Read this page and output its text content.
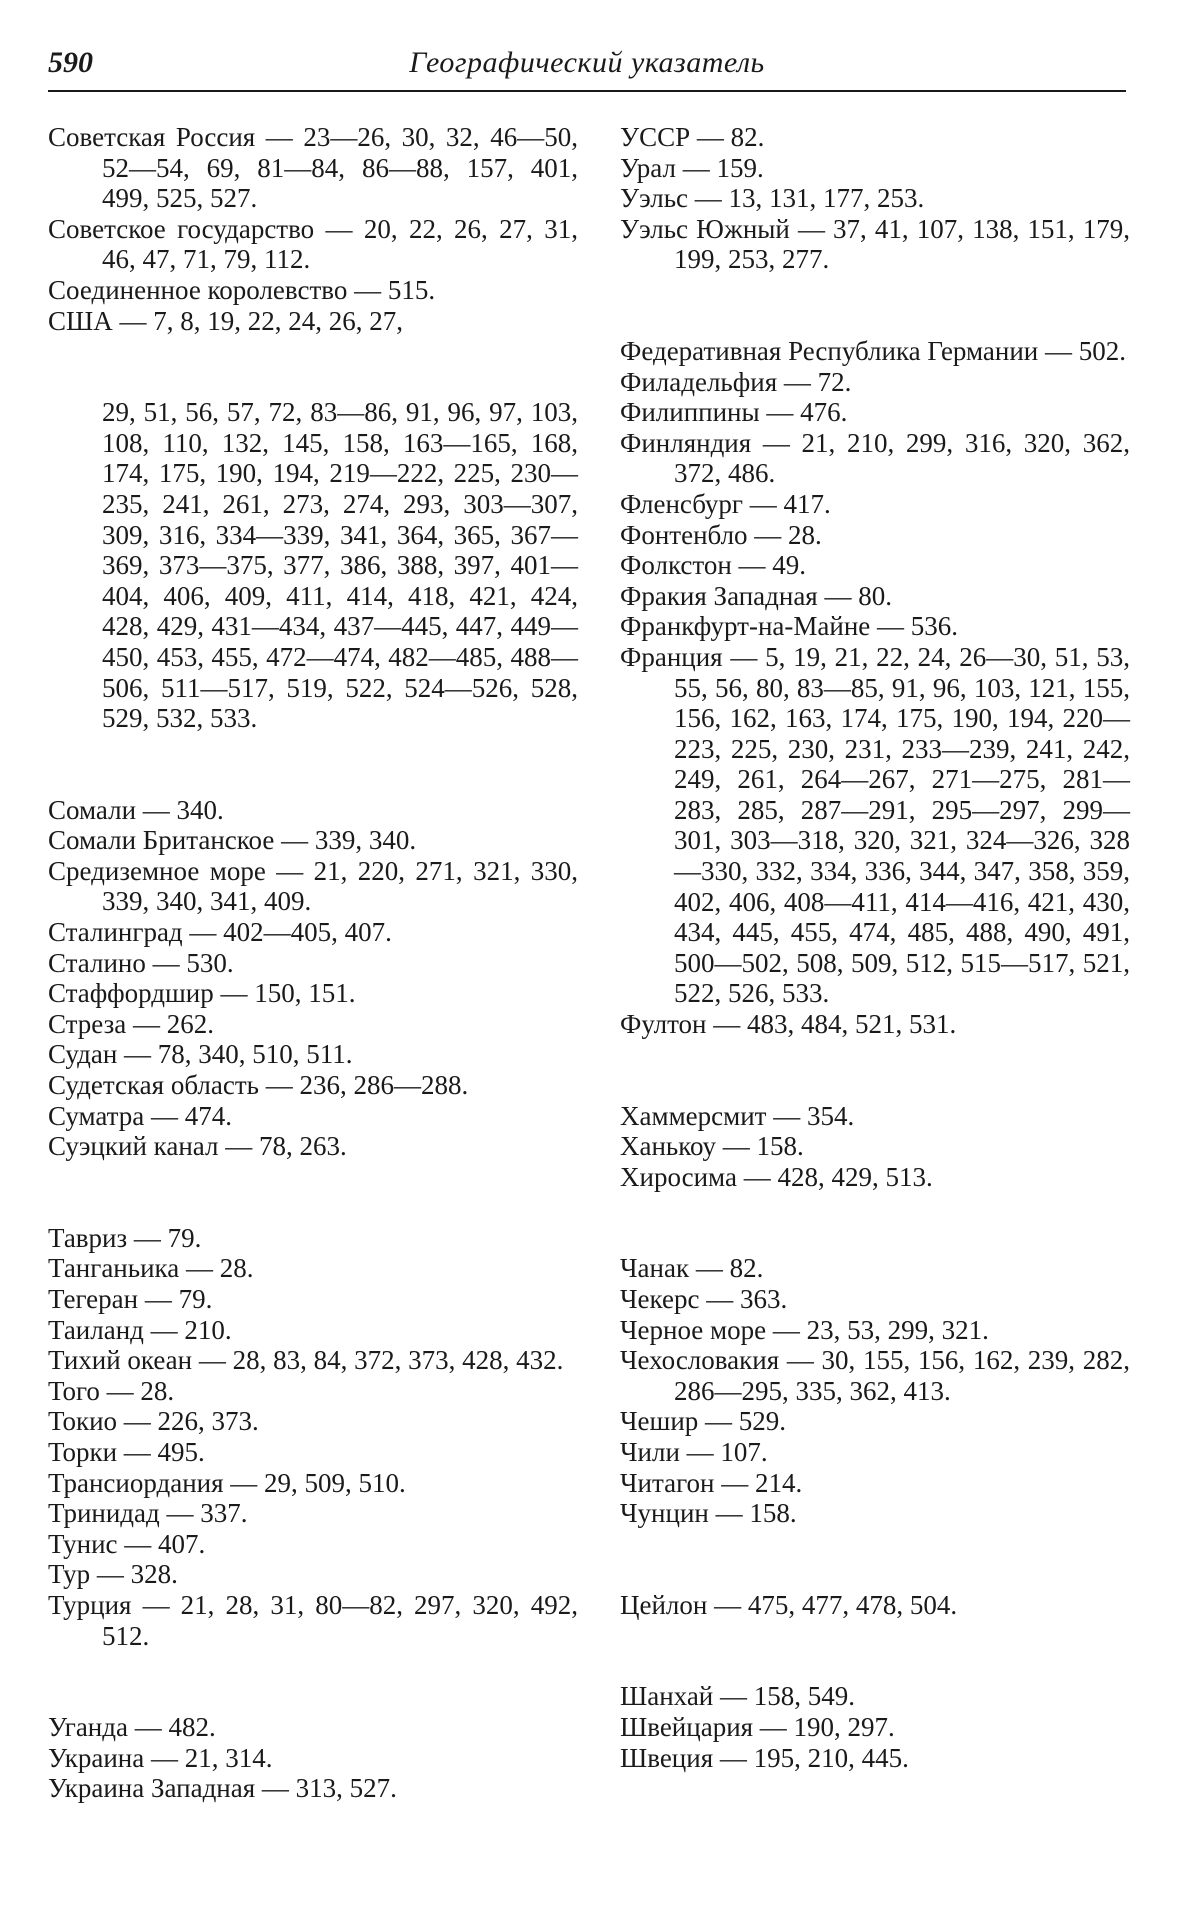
590	Географический указатель
Советская Россия — 23—26, 30, 32, 46—50, 52—54, 69, 81—84, 86—88, 157, 401, 499, 525, 527.
Советское государство — 20, 22, 26, 27, 31, 46, 47, 71, 79, 112.
Соединенное королевство — 515.
США — 7, 8, 19, 22, 24, 26, 27,
29, 51, 56, 57, 72, 83—86, 91, 96, 97, 103, 108, 110, 132, 145, 158, 163—165, 168, 174, 175, 190, 194, 219—222, 225, 230—235, 241, 261, 273, 274, 293, 303—307, 309, 316, 334—339, 341, 364, 365, 367—369, 373—375, 377, 386, 388, 397, 401—404, 406, 409, 411, 414, 418, 421, 424, 428, 429, 431—434, 437—445, 447, 449—450, 453, 455, 472—474, 482—485, 488—506, 511—517, 519, 522, 524—526, 528, 529, 532, 533.
Сомали — 340.
Сомали Британское — 339, 340.
Средиземное море — 21, 220, 271, 321, 330, 339, 340, 341, 409.
Сталинград — 402—405, 407.
Сталино — 530.
Стаффордшир — 150, 151.
Стреза — 262.
Судан — 78, 340, 510, 511.
Судетская область — 236, 286—288.
Суматра — 474.
Суэцкий канал — 78, 263.
Тавриз — 79.
Танганьика — 28.
Тегеран — 79.
Таиланд — 210.
Тихий океан — 28, 83, 84, 372, 373, 428, 432.
Того — 28.
Токио — 226, 373.
Торки — 495.
Трансиордания — 29, 509, 510.
Тринидад — 337.
Тунис — 407.
Тур — 328.
Турция — 21, 28, 31, 80—82, 297, 320, 492, 512.
Уганда — 482.
Украина — 21, 314.
Украина Западная — 313, 527.
УССР — 82.
Урал — 159.
Уэльс — 13, 131, 177, 253.
Уэльс Южный — 37, 41, 107, 138, 151, 179, 199, 253, 277.
Федеративная Республика Германии — 502.
Филадельфия — 72.
Филиппины — 476.
Финляндия — 21, 210, 299, 316, 320, 362, 372, 486.
Фленсбург — 417.
Фонтенбло — 28.
Фолкстон — 49.
Фракия Западная — 80.
Франкфурт-на-Майне — 536.
Франция — 5, 19, 21, 22, 24, 26—30, 51, 53, 55, 56, 80, 83—85, 91, 96, 103, 121, 155, 156, 162, 163, 174, 175, 190, 194, 220—223, 225, 230, 231, 233—239, 241, 242, 249, 261, 264—267, 271—275, 281—283, 285, 287—291, 295—297, 299—301, 303—318, 320, 321, 324—326, 328—330, 332, 334, 336, 344, 347, 358, 359, 402, 406, 408—411, 414—416, 421, 430, 434, 445, 455, 474, 485, 488, 490, 491, 500—502, 508, 509, 512, 515—517, 521, 522, 526, 533.
Фултон — 483, 484, 521, 531.
Хаммерсмит — 354.
Ханькоу — 158.
Хиросима — 428, 429, 513.
Чанак — 82.
Чекерс — 363.
Черное море — 23, 53, 299, 321.
Чехословакия — 30, 155, 156, 162, 239, 282, 286—295, 335, 362, 413.
Чешир — 529.
Чили — 107.
Читагон — 214.
Чунцин — 158.
Цейлон — 475, 477, 478, 504.
Шанхай — 158, 549.
Швейцария — 190, 297.
Швеция — 195, 210, 445.
